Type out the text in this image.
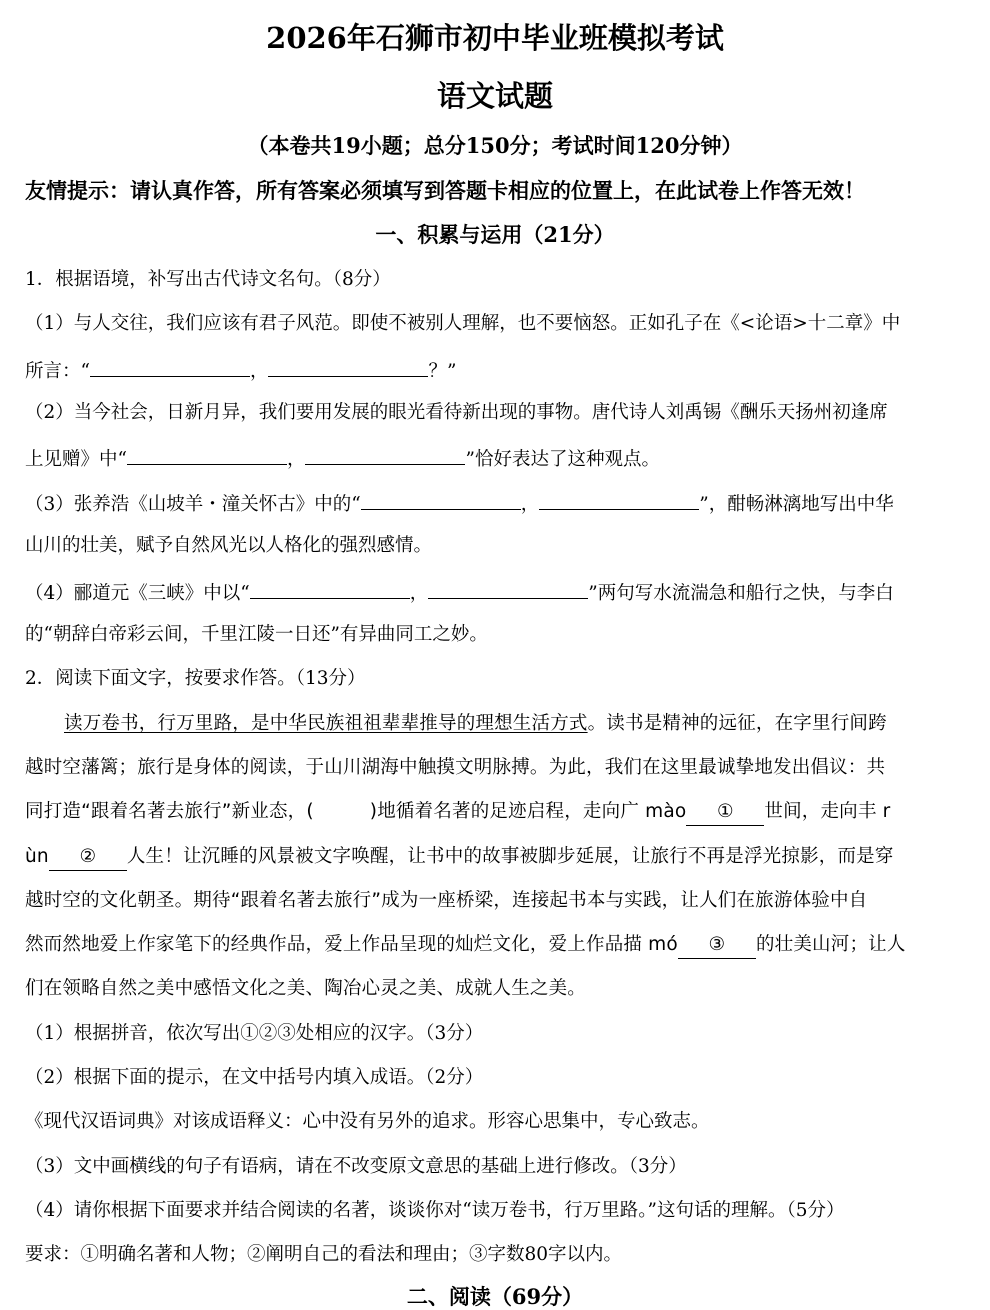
2026年石狮市初中毕业班模拟考试
语文试题
（本卷共19小题；总分150分；考试时间120分钟）
友情提示：请认真作答，所有答案必须填写到答题卡相应的位置上，在此试卷上作答无效！
一、积累与运用（21分）
1．根据语境，补写出古代诗文名句。（8分）
（1）与人交往，我们应该有君子风范。即使不被别人理解，也不要恼怒。正如孔子在《<论语>十二章》中
所言：“	，	？”
（2）当今社会，日新月异，我们要用发展的眼光看待新出现的事物。唐代诗人刘禹锡《酬乐天扬州初逢席
上见赠》中“	，	”恰好表达了这种观点。
（3）张养浩《山坡羊・潼关怀古》中的“	，	”，酣畅淋漓地写出中华
山川的壮美，赋予自然风光以人格化的强烈感情。
（4）郦道元《三峡》中以“	，	”两句写水流湍急和船行之快，与李白
的“朝辞白帝彩云间，千里江陵一日还”有异曲同工之妙。
2．阅读下面文字，按要求作答。（13分）
读万卷书，行万里路，是中华民族祖祖辈辈推导的理想生活方式。读书是精神的远征，在字里行间跨
越时空藩篱；旅行是身体的阅读，于山川湖海中触摸文明脉搏。为此，我们在这里最诚挚地发出倡议：共
同打造“跟着名著去旅行”新业态，(	)地循着名著的足迹启程，走向广 mào ① 世间，走向丰 r
ùn ② 人生！让沉睡的风景被文字唤醒，让书中的故事被脚步延展，让旅行不再是浮光掠影，而是穿
越时空的文化朝圣。期待“跟着名著去旅行”成为一座桥梁，连接起书本与实践，让人们在旅游体验中自
然而然地爱上作家笔下的经典作品，爱上作品呈现的灿烂文化，爱上作品描 mó ③ 的壮美山河；让人
们在领略自然之美中感悟文化之美、陶冶心灵之美、成就人生之美。
（1）根据拼音，依次写出①②③处相应的汉字。（3分）
（2）根据下面的提示，在文中括号内填入成语。（2分）
《现代汉语词典》对该成语释义：心中没有另外的追求。形容心思集中，专心致志。
（3）文中画横线的句子有语病，请在不改变原文意思的基础上进行修改。（3分）
（4）请你根据下面要求并结合阅读的名著，谈谈你对“读万卷书，行万里路。”这句话的理解。（5分）
要求：①明确名著和人物；②阐明自己的看法和理由；③字数80字以内。
二、阅读（69分）
